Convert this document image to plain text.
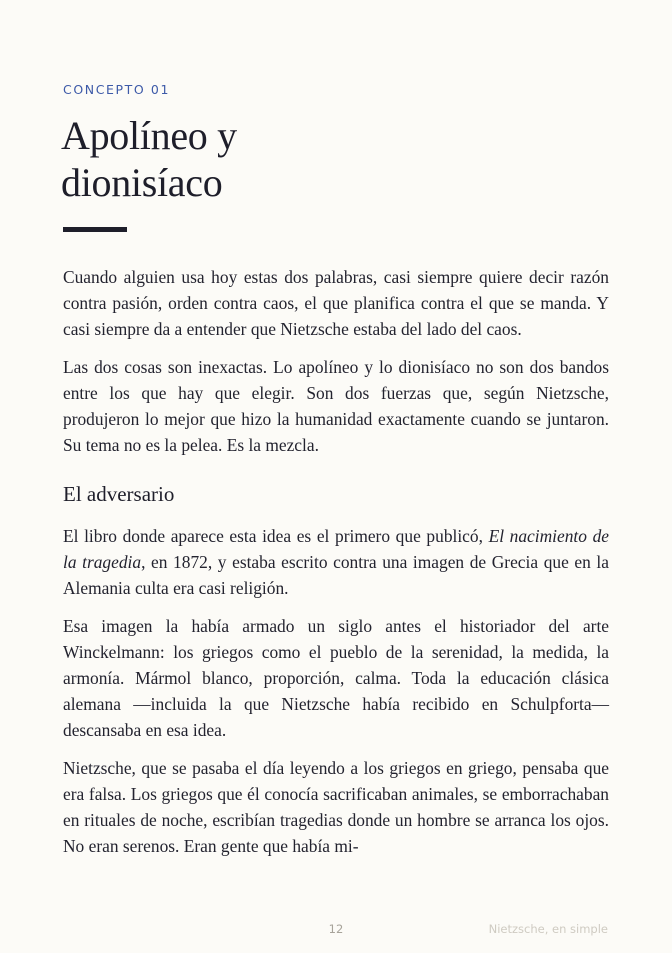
CONCEPTO 01
Apolíneo y
dionisíaco

Cuando alguien usa hoy estas dos palabras, casi siempre quiere decir razón contra pasión, orden contra caos, el que planifica contra el que se manda. Y casi siempre da a entender que Nietzsche estaba del lado del caos.

Las dos cosas son inexactas. Lo apolíneo y lo dionisíaco no son dos bandos entre los que hay que elegir. Son dos fuerzas que, según Nietzsche, produjeron lo mejor que hizo la humanidad exactamente cuando se juntaron. Su tema no es la pelea. Es la mezcla.

El adversario

El libro donde aparece esta idea es el primero que publicó, El nacimiento de la tragedia, en 1872, y estaba escrito contra una imagen de Grecia que en la Alemania culta era casi religión.

Esa imagen la había armado un siglo antes el historiador del arte Winckelmann: los griegos como el pueblo de la serenidad, la medida, la armonía. Mármol blanco, proporción, calma. Toda la educación clásica alemana —incluida la que Nietzsche había recibido en Schulpforta— descansaba en esa idea.

Nietzsche, que se pasaba el día leyendo a los griegos en griego, pensaba que era falsa. Los griegos que él conocía sacrificaban animales, se emborrachaban en rituales de noche, escribían tragedias donde un hombre se arranca los ojos. No eran serenos. Eran gente que había mi-

12	Nietzsche, en simple
